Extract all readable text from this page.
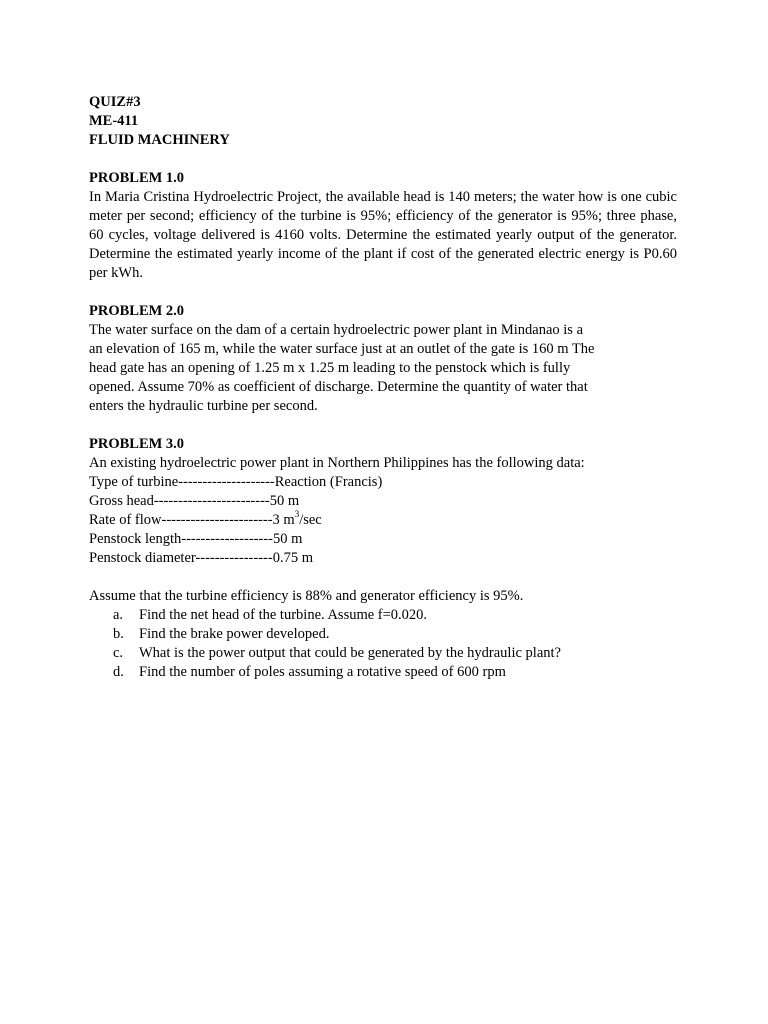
QUIZ#3
ME-411
FLUID MACHINERY
PROBLEM 1.0

In Maria Cristina Hydroelectric Project, the available head is 140 meters; the water how is one cubic meter per second; efficiency of the turbine is 95%; efficiency of the generator is 95%; three phase, 60 cycles, voltage delivered is 4160 volts. Determine the estimated yearly output of the generator. Determine the estimated yearly income of the plant if cost of the generated electric energy is P0.60 per kWh.

PROBLEM 2.0
The water surface on the dam of a certain hydroelectric power plant in Mindanao is a
an elevation of 165 m, while the water surface just at an outlet of the gate is 160 m The
head gate has an opening of 1.25 m x 1.25 m leading to the penstock which is fully
opened. Assume 70% as coefficient of discharge. Determine the quantity of water that
enters the hydraulic turbine per second.
PROBLEM 3.0
An existing hydroelectric power plant in Northern Philippines has the following data:
Type of turbine--------------------Reaction (Francis)
Gross head------------------------50 m
Rate of flow-----------------------3 $m^3/\sec$
Penstock length-------------------50 m
Penstock diameter----------------0.75 m
Assume that the turbine efficiency is 88% and generator efficiency is 95%.
a. Find the net head of the turbine. Assume f=0.020.
b. Find the brake power developed.
c. What is the power output that could be generated by the hydraulic plant?
d. Find the number of poles assuming a rotative speed of 600 rpm
